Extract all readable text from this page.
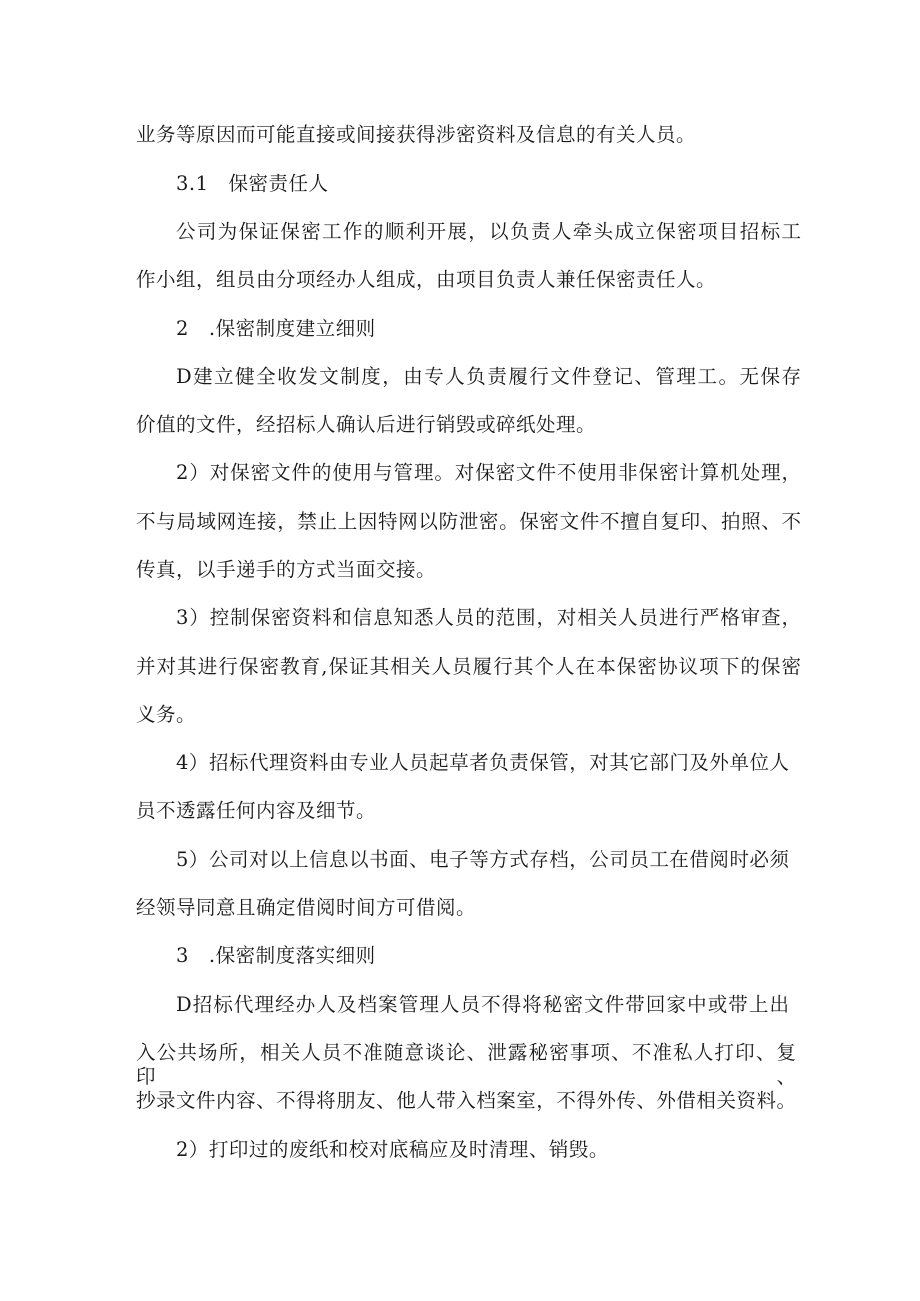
业务等原因而可能直接或间接获得涉密资料及信息的有关人员。
3.1　保密责任人
公司为保证保密工作的顺利开展，以负责人牵头成立保密项目招标工
作小组，组员由分项经办人组成，由项目负责人兼任保密责任人。
2　.保密制度建立细则
D建立健全收发文制度，由专人负责履行文件登记、管理工。无保存
价值的文件，经招标人确认后进行销毁或碎纸处理。
2）对保密文件的使用与管理。对保密文件不使用非保密计算机处理，
不与局域网连接，禁止上因特网以防泄密。保密文件不擅自复印、拍照、不
传真，以手递手的方式当面交接。
3）控制保密资料和信息知悉人员的范围，对相关人员进行严格审查，
并对其进行保密教育,保证其相关人员履行其个人在本保密协议项下的保密
义务。
4）招标代理资料由专业人员起草者负责保管，对其它部门及外单位人
员不透露任何内容及细节。
5）公司对以上信息以书面、电子等方式存档，公司员工在借阅时必须
经领导同意且确定借阅时间方可借阅。
3　.保密制度落实细则
D招标代理经办人及档案管理人员不得将秘密文件带回家中或带上出
入公共场所，相关人员不准随意谈论、泄露秘密事项、不准私人打印、复印、
抄录文件内容、不得将朋友、他人带入档案室，不得外传、外借相关资料。
2）打印过的废纸和校对底稿应及时清理、销毁。
